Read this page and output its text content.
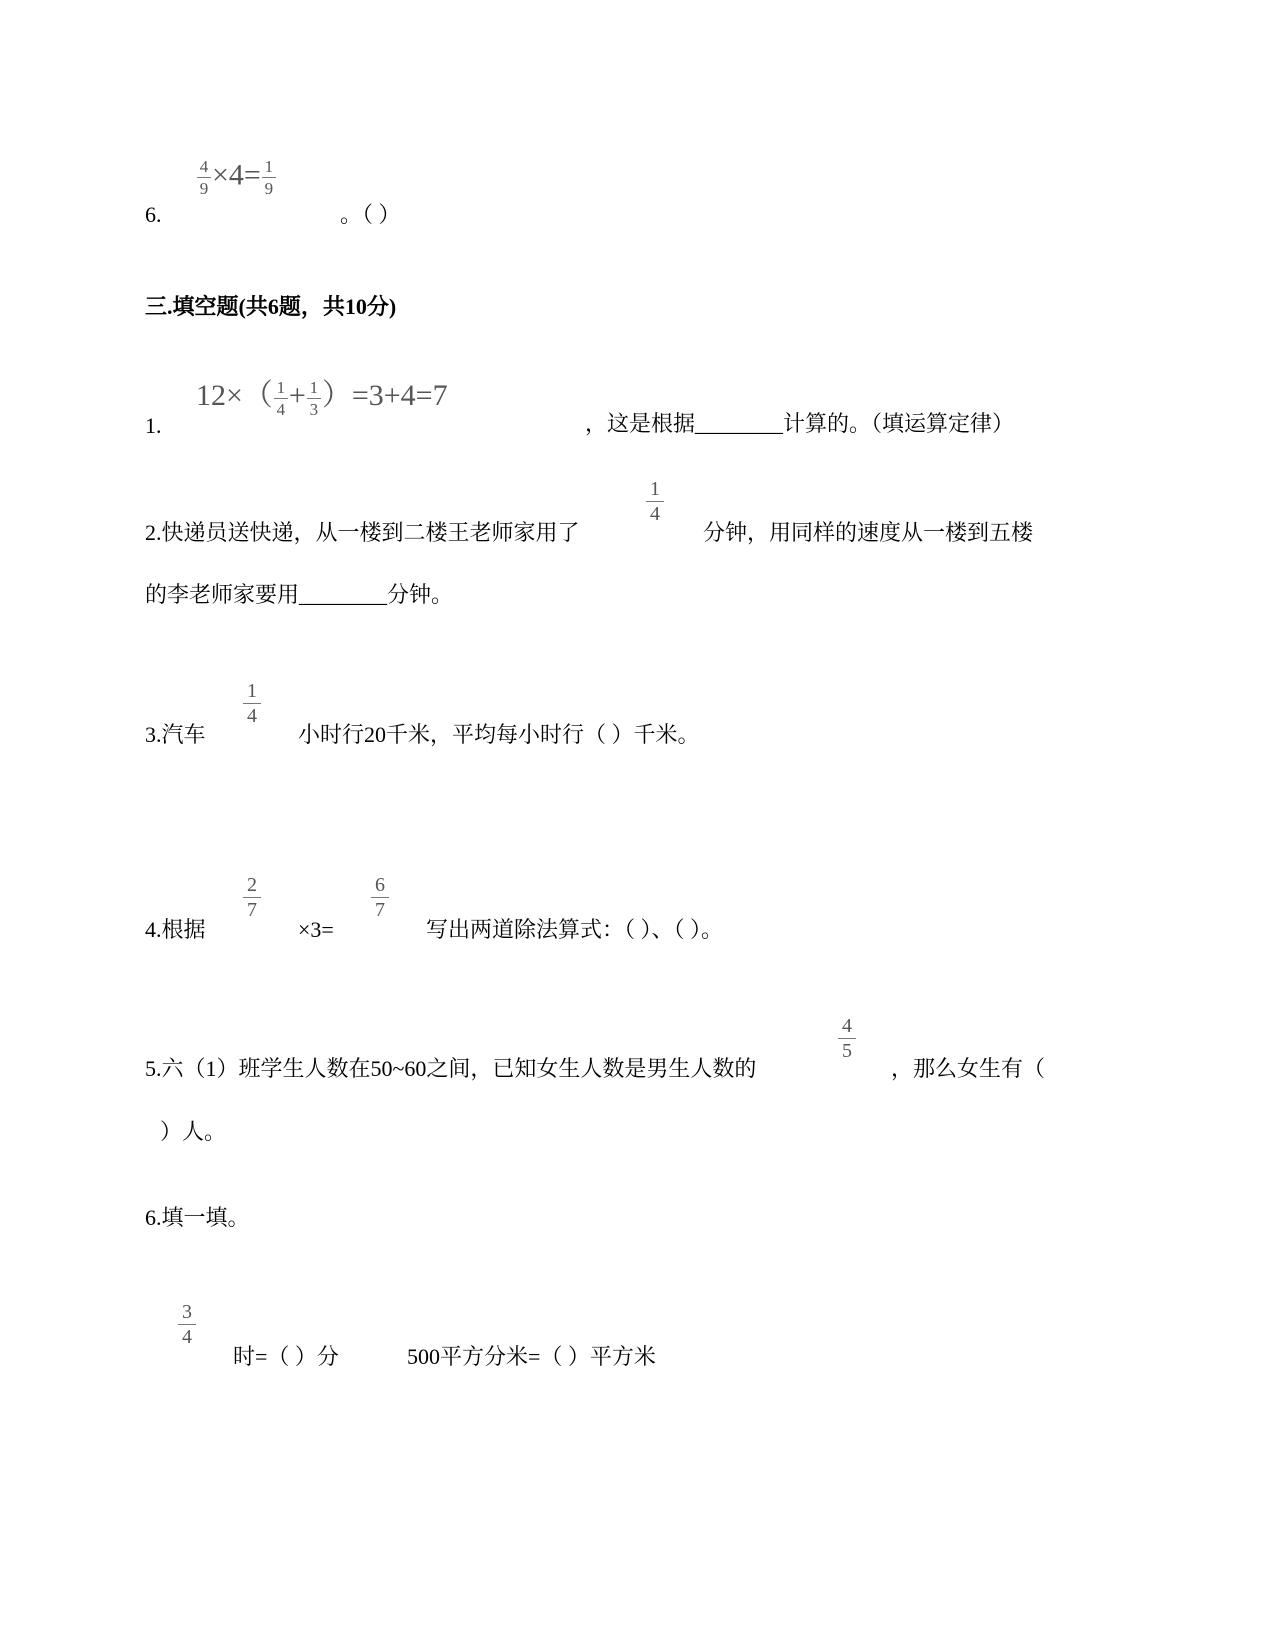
6.
$\frac{4}{9} \times 4= \frac{1}{9}$
。（ ）
三.填空题(共6题，共10分)
1.
$12\times( \frac{1}{4} + \frac{1}{3} )=3+4=7$
，这是根据________计算的。（填运算定律）
2.快递员送快递，从一楼到二楼王老师家用了
1
4
分钟，用同样的速度从一楼到五楼
的李老师家要用________分钟。
3.汽车
1
4
小时行20千米，平均每小时行（ ）千米。
4.根据
2
7
×3=
6
7
写出两道除法算式：（ ）、（ ）。
5.六（1）班学生人数在50~60之间，已知女生人数是男生人数的
4
5
，那么女生有（
）人。
6.填一填。
3
4
时=（ ）分	500平方分米=（ ）平方米
